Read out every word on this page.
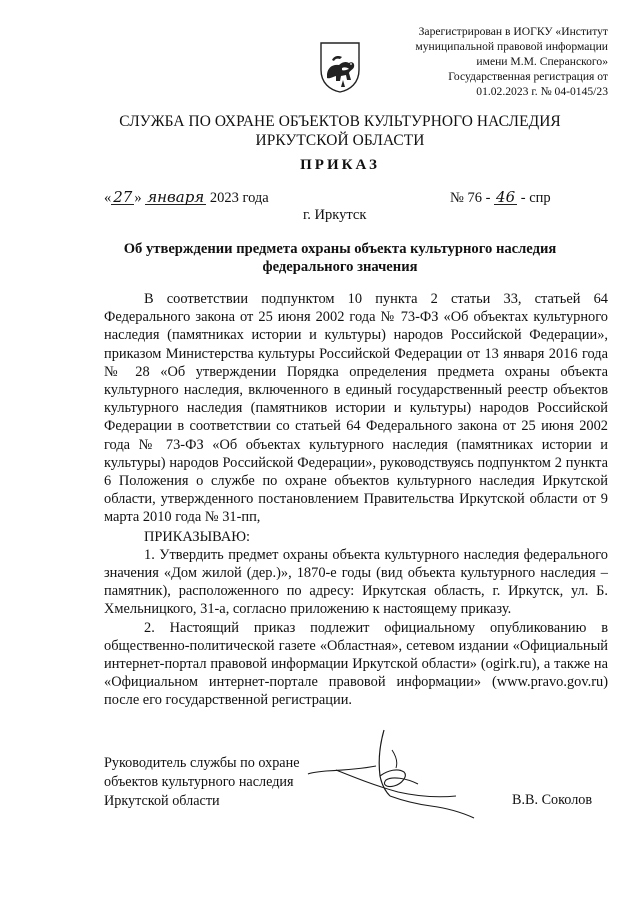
Зарегистрирован в ИОГКУ «Институт
муниципальной правовой информации
имени М.М. Сперанского»
Государственная регистрация от
01.02.2023 г. № 04-0145/23
СЛУЖБА ПО ОХРАНЕ ОБЪЕКТОВ КУЛЬТУРНОГО НАСЛЕДИЯ
ИРКУТСКОЙ ОБЛАСТИ
ПРИКАЗ
« 27 » января 2023 года	№ 76 - 46 - спр
г. Иркутск
Об утверждении предмета охраны объекта культурного наследия
федерального значения

В соответствии подпунктом 10 пункта 2 статьи 33, статьей 64 Федерального закона от 25 июня 2002 года № 73-ФЗ «Об объектах культурного наследия (памятниках истории и культуры) народов Российской Федерации», приказом Министерства культуры Российской Федерации от 13 января 2016 года № 28 «Об утверждении Порядка определения предмета охраны объекта культурного наследия, включенного в единый государственный реестр объектов культурного наследия (памятников истории и культуры) народов Российской Федерации в соответствии со статьей 64 Федерального закона от 25 июня 2002 года № 73-ФЗ «Об объектах культурного наследия (памятниках истории и культуры) народов Российской Федерации», руководствуясь подпунктом 2 пункта 6 Положения о службе по охране объектов культурного наследия Иркутской области, утвержденного постановлением Правительства Иркутской области от 9 марта 2010 года № 31-пп,

ПРИКАЗЫВАЮ:

1. Утвердить предмет охраны объекта культурного наследия федерального значения «Дом жилой (дер.)», 1870-е годы (вид объекта культурного наследия – памятник), расположенного по адресу: Иркутская область, г. Иркутск, ул. Б. Хмельницкого, 31-а, согласно приложению к настоящему приказу.

2. Настоящий приказ подлежит официальному опубликованию в общественно-политической газете «Областная», сетевом издании «Официальный интернет-портал правовой информации Иркутской области» (ogirk.ru), а также на «Официальном интернет-портале правовой информации» (www.pravo.gov.ru) после его государственной регистрации.

Руководитель службы по охране
объектов культурного наследия
Иркутской области	В.В. Соколов
